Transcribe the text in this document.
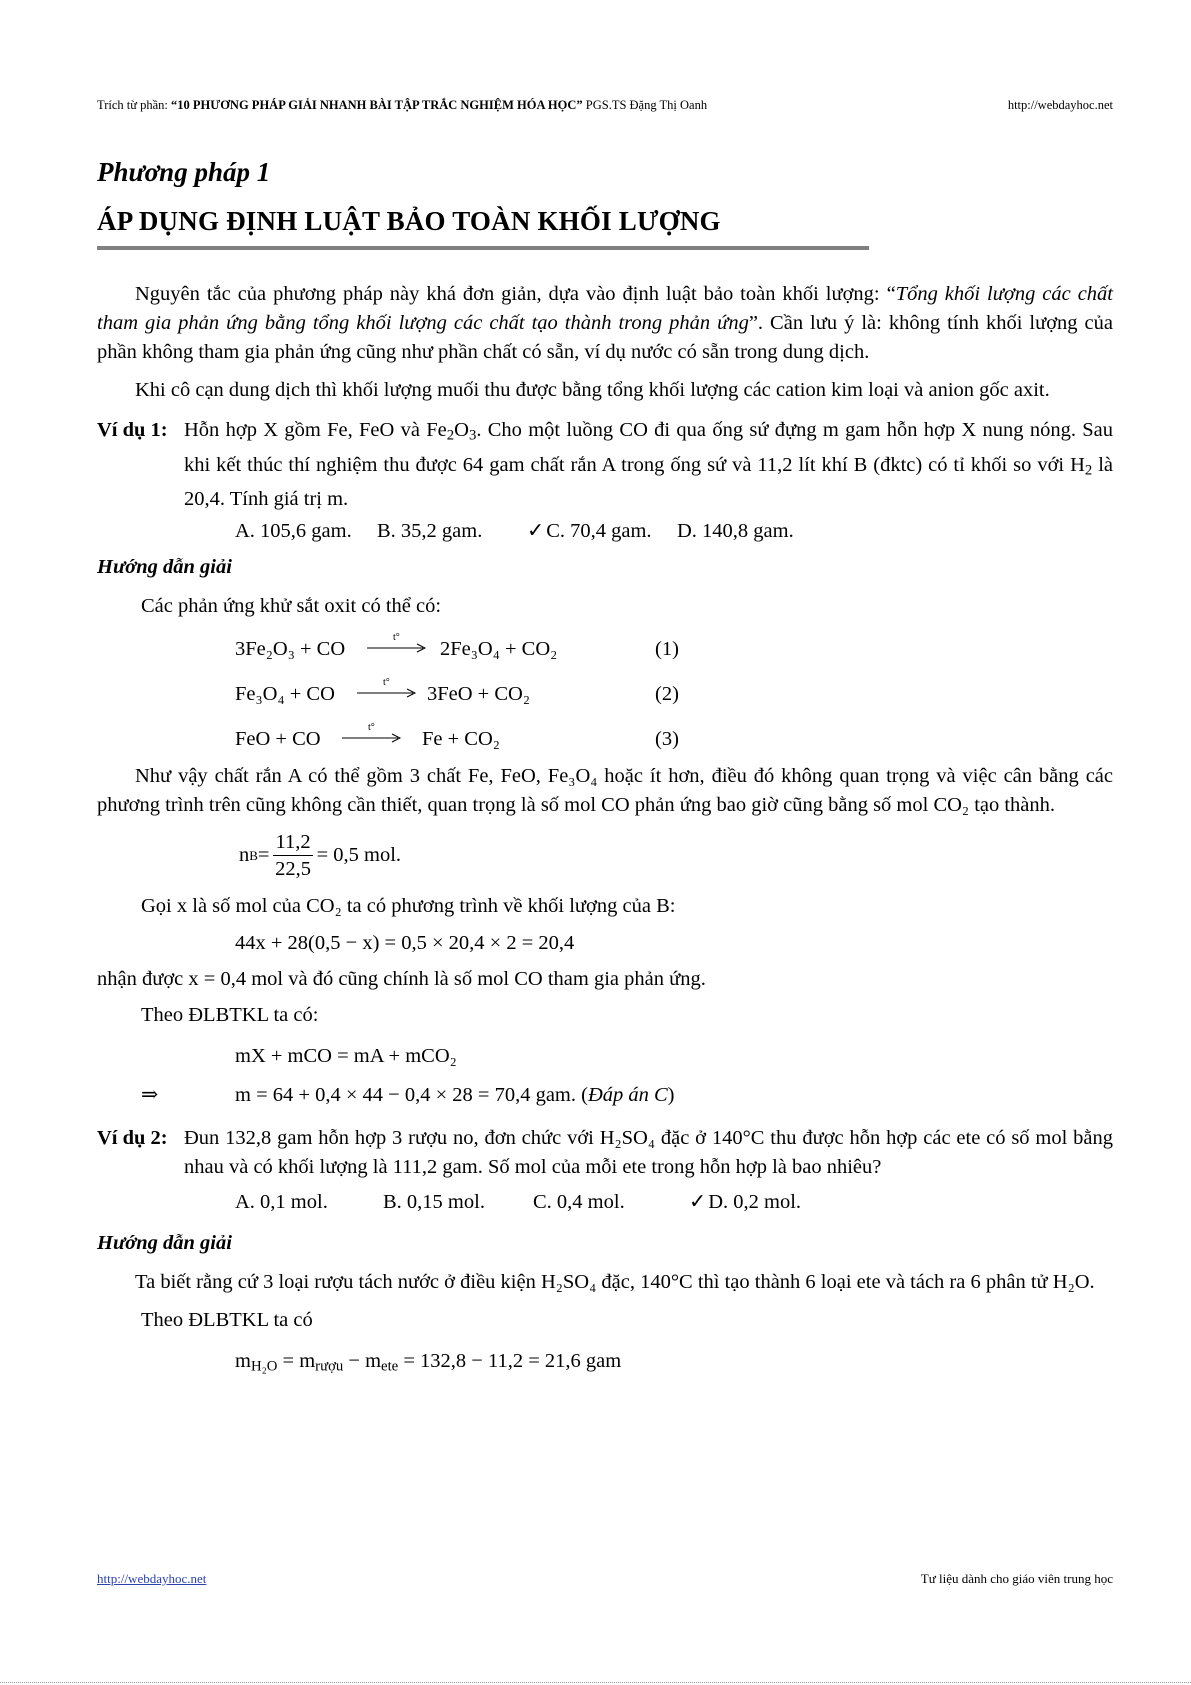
Trích từ phần: “10 PHƯƠNG PHÁP GIẢI NHANH BÀI TẬP TRẮC NGHIỆM HÓA HỌC” PGS.TS Đặng Thị Oanh	http://webdayhoc.net
Phương pháp 1
ÁP DỤNG ĐỊNH LUẬT BẢO TOÀN KHỐI LƯỢNG

Nguyên tắc của phương pháp này khá đơn giản, dựa vào định luật bảo toàn khối lượng: “Tổng khối lượng các chất tham gia phản ứng bằng tổng khối lượng các chất tạo thành trong phản ứng”. Cần lưu ý là: không tính khối lượng của phần không tham gia phản ứng cũng như phần chất có sẵn, ví dụ nước có sẵn trong dung dịch.

Khi cô cạn dung dịch thì khối lượng muối thu được bằng tổng khối lượng các cation kim loại và anion gốc axit.

Ví dụ 1: Hỗn hợp X gồm Fe, FeO và $Fe_2O_3$. Cho một luồng CO đi qua ống sứ đựng m gam hỗn hợp X nung nóng. Sau khi kết thúc thí nghiệm thu được 64 gam chất rắn A trong ống sứ và 11,2 lít khí B (đktc) có tỉ khối so với $H_2$ là 20,4. Tính giá trị m.
A. 105,6 gam.	B. 35,2 gam.	✓C. 70,4 gam.	D. 140,8 gam.
Hướng dẫn giải

Các phản ứng khử sắt oxit có thể có:

3Fe₂O₃ + CO
t°
2Fe₃O₄ + CO₂	(1)
Fe₃O₄ + CO
t°
3FeO + CO₂	(2)
FeO + CO
t°
Fe + CO₂	(3)

Như vậy chất rắn A có thể gồm 3 chất Fe, FeO, Fe₃O₄ hoặc ít hơn, điều đó không quan trọng và việc cân bằng các phương trình trên cũng không cần thiết, quan trọng là số mol CO phản ứng bao giờ cũng bằng số mol CO₂ tạo thành.

n $B = \frac{11,2}{22,5} = 0,5$ mol.

Gọi x là số mol của CO₂ ta có phương trình về khối lượng của B:

44x + 28(0,5 − x) = 0,5 × 20,4 × 2 = 20,4

nhận được x = 0,4 mol và đó cũng chính là số mol CO tham gia phản ứng.

Theo ĐLBTKL ta có:

mX + mCO = mA + mCO₂

⇒	m = 64 + 0,4 × 44 − 0,4 × 28 = 70,4 gam. (Đáp án C)
Ví dụ 2: Đun 132,8 gam hỗn hợp 3 rượu no, đơn chức với H₂SO₄ đặc ở 140°C thu được hỗn hợp các ete có số mol bằng nhau và có khối lượng là 111,2 gam. Số mol của mỗi ete trong hỗn hợp là bao nhiêu?
A. 0,1 mol.	B. 0,15 mol.	C. 0,4 mol.	✓D. 0,2 mol.
Hướng dẫn giải

Ta biết rằng cứ 3 loại rượu tách nước ở điều kiện H₂SO₄ đặc, 140°C thì tạo thành 6 loại ete và tách ra 6 phân tử H₂O.

Theo ĐLBTKL ta có

$m_{H_2O} = m_{rượu} - m_{ete} = 132,8 - 11,2 = 21,6$ gam

http://webdayhoc.net	Tư liệu dành cho giáo viên trung học
